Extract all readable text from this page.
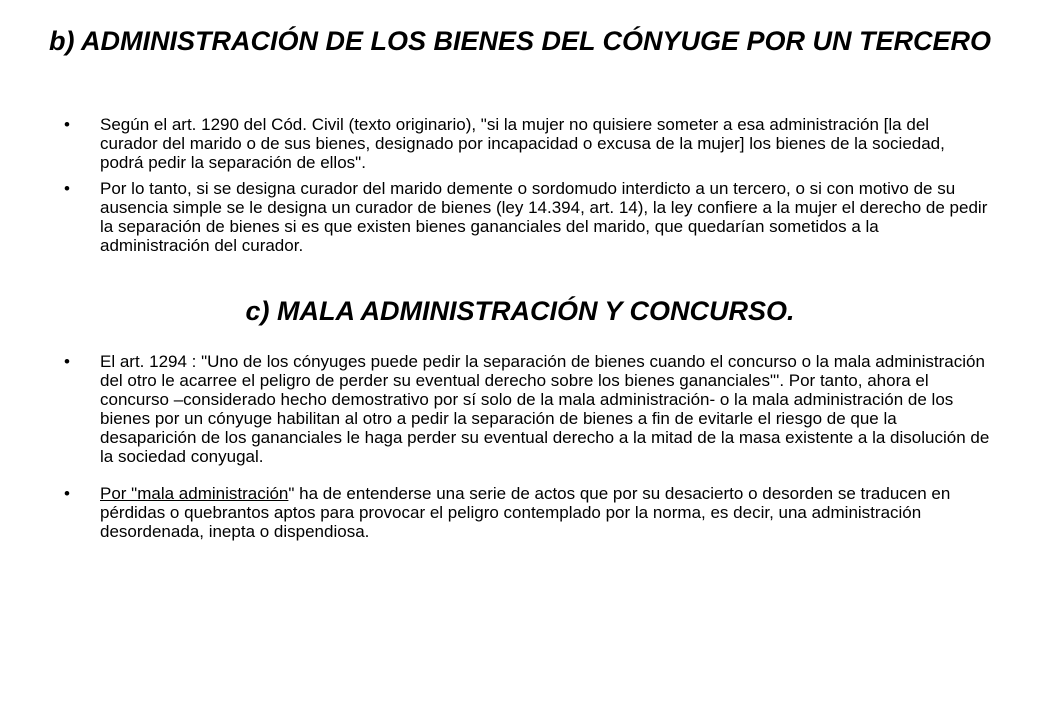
b) ADMINISTRACIÓN DE LOS BIENES DEL CÓNYUGE POR UN TERCERO
• Según el art. 1290 del Cód. Civil (texto originario), "si la mujer no quisiere someter a esa administración [la del curador del marido o de sus bienes, designado por incapacidad o excusa de la mujer] los bienes de la sociedad, podrá pedir la separación de ellos".
• Por lo tanto, si se designa curador del marido demente o sordomudo interdicto a un tercero, o si con motivo de su ausencia simple se le designa un curador de bienes (ley 14.394, art. 14), la ley confiere a la mujer el derecho de pedir la separación de bienes si es que existen bienes gananciales del marido, que quedarían sometidos a la administración del curador.
c) MALA ADMINISTRACIÓN Y CONCURSO.
• El art. 1294 : "Uno de los cónyuges puede pedir la separación de bienes cuando el concurso o la mala administración del otro le acarree el peligro de perder su eventual derecho sobre los bienes gananciales"'. Por tanto, ahora el concurso –considerado hecho demostrativo por sí solo de la mala administración- o la mala administración de los bienes por un cónyuge habilitan al otro a pedir la separación de bienes a fin de evitarle el riesgo de que la desaparición de los gananciales le haga perder su eventual derecho a la mitad de la masa existente a la disolución de la sociedad conyugal.
• Por "mala administración" ha de entenderse una serie de actos que por su desacierto o desorden se traducen en pérdidas o quebrantos aptos para provocar el peligro contemplado por la norma, es decir, una administración desordenada, inepta o dispendiosa.
